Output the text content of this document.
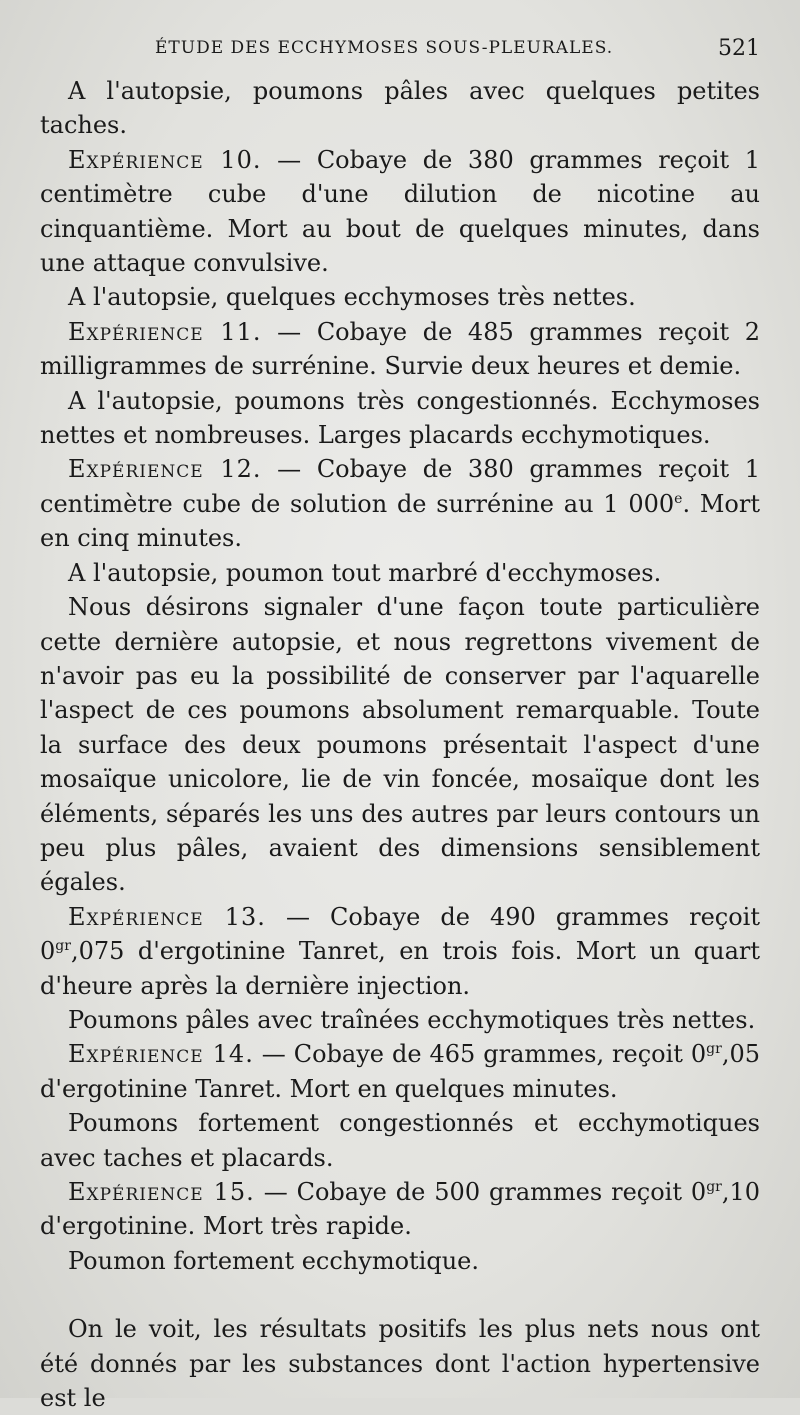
ÉTUDE DES ECCHYMOSES SOUS-PLEURALES.	521

A l'autopsie, poumons pâles avec quelques petites taches.

Expérience 10. — Cobaye de 380 grammes reçoit 1 centimètre cube d'une dilution de nicotine au cinquantième. Mort au bout de quelques minutes, dans une attaque convulsive.

A l'autopsie, quelques ecchymoses très nettes.

Expérience 11. — Cobaye de 485 grammes reçoit 2 milligrammes de surrénine. Survie deux heures et demie.

A l'autopsie, poumons très congestionnés. Ecchymoses nettes et nombreuses. Larges placards ecchymotiques.

Expérience 12. — Cobaye de 380 grammes reçoit 1 centimètre cube de solution de surrénine au 1 000e. Mort en cinq minutes.

A l'autopsie, poumon tout marbré d'ecchymoses.

Nous désirons signaler d'une façon toute particulière cette dernière autopsie, et nous regrettons vivement de n'avoir pas eu la possibilité de conserver par l'aquarelle l'aspect de ces poumons absolument remarquable. Toute la surface des deux poumons présentait l'aspect d'une mosaïque unicolore, lie de vin foncée, mosaïque dont les éléments, séparés les uns des autres par leurs contours un peu plus pâles, avaient des dimensions sensiblement égales.

Expérience 13. — Cobaye de 490 grammes reçoit $0^{gr},075$ d'ergotinine Tanret, en trois fois. Mort un quart d'heure après la dernière injection.

Poumons pâles avec traînées ecchymotiques très nettes.

Expérience 14. — Cobaye de 465 grammes, reçoit $0^{gr},05$ d'ergotinine Tanret. Mort en quelques minutes.

Poumons fortement congestionnés et ecchymotiques avec taches et placards.

Expérience 15. — Cobaye de 500 grammes reçoit $0^{gr},10$ d'ergotinine. Mort très rapide.

Poumon fortement ecchymotique.

On le voit, les résultats positifs les plus nets nous ont été donnés par les substances dont l'action hypertensive est le
